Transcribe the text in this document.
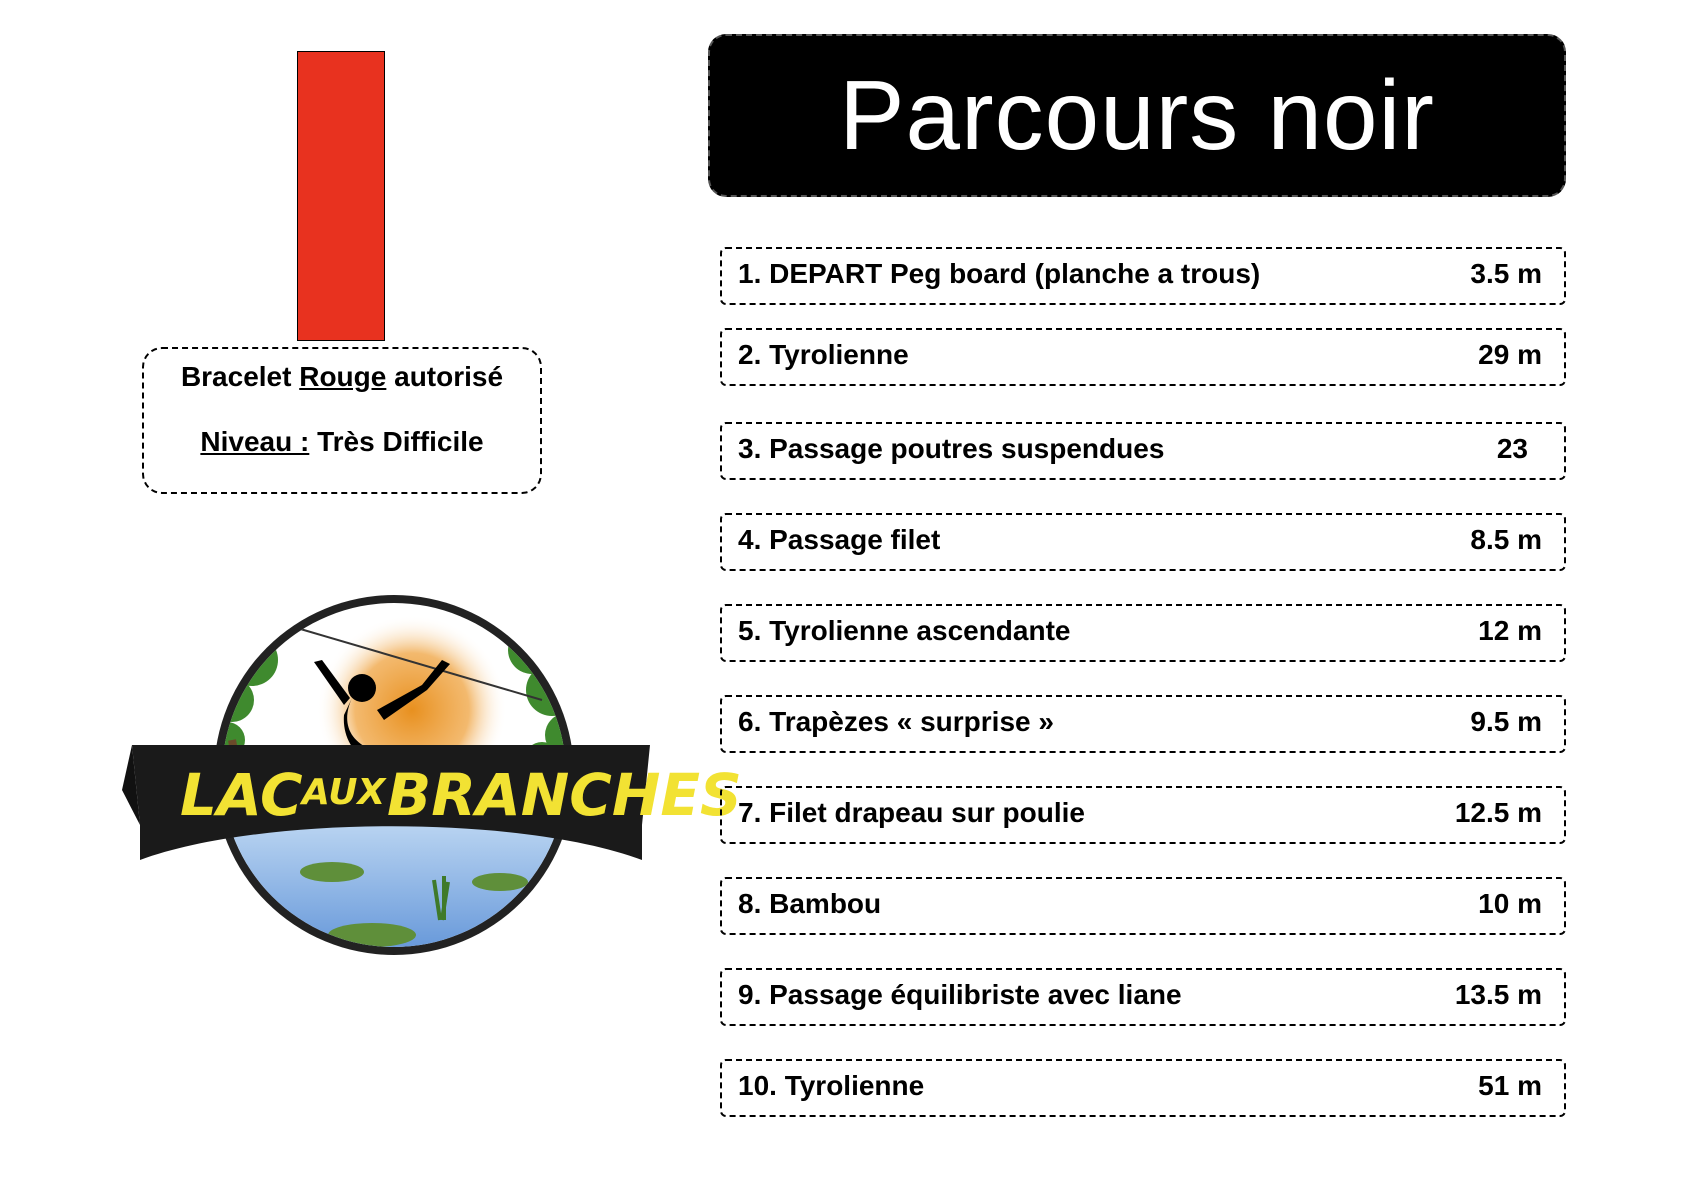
Bracelet Rouge autorisé
Niveau : Très Difficile
LAC AUX BRANCHES
Parcours noir
1. DEPART Peg board (planche a trous)	3.5 m
2. Tyrolienne	29 m
3. Passage poutres suspendues	23
4. Passage filet	8.5 m
5. Tyrolienne ascendante	12 m
6. Trapèzes « surprise »	9.5 m
7. Filet drapeau sur poulie	12.5 m
8. Bambou	10 m
9. Passage équilibriste avec liane	13.5 m
10. Tyrolienne	51 m
